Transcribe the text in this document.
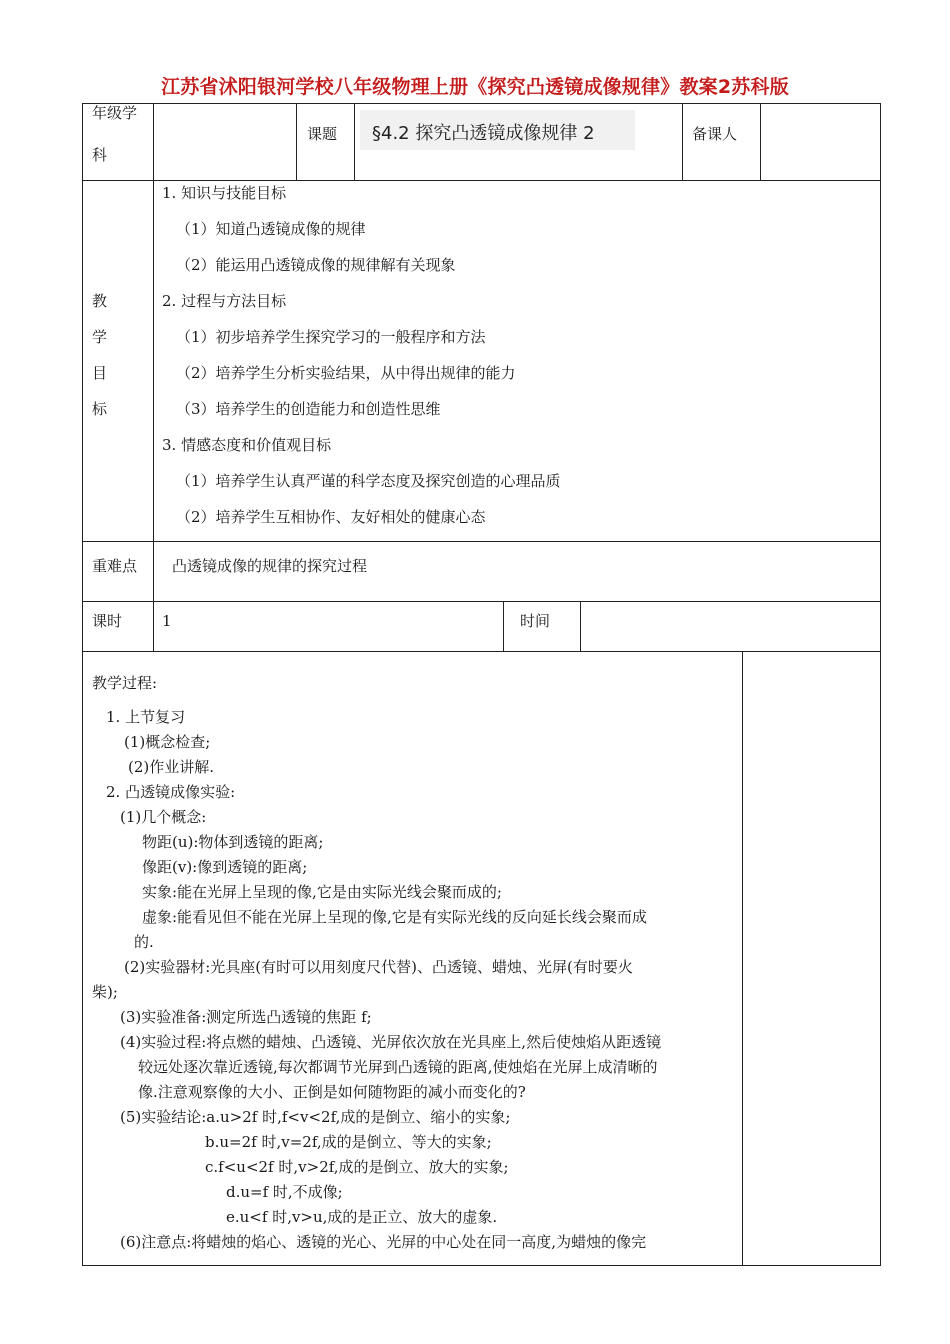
江苏省沭阳银河学校八年级物理上册《探究凸透镜成像规律》教案2苏科版
年级学
科
课题 §4.2 探究凸透镜成像规律 2	备课人
教
学
目
标
1. 知识与技能目标
（1）知道凸透镜成像的规律
（2）能运用凸透镜成像的规律解有关现象
2. 过程与方法目标
（1）初步培养学生探究学习的一般程序和方法
（2）培养学生分析实验结果，从中得出规律的能力
（3）培养学生的创造能力和创造性思维
3. 情感态度和价值观目标
（1）培养学生认真严谨的科学态度及探究创造的心理品质
（2）培养学生互相协作、友好相处的健康心态
重难点 凸透镜成像的规律的探究过程
课时	1	时间
教学过程:
1. 上节复习
(1)概念检查;
(2)作业讲解.
2. 凸透镜成像实验:
(1)几个概念:
物距(u):物体到透镜的距离;
像距(v):像到透镜的距离;
实象:能在光屏上呈现的像,它是由实际光线会聚而成的;
虚象:能看见但不能在光屏上呈现的像,它是有实际光线的反向延长线会聚而成
的.
(2)实验器材:光具座(有时可以用刻度尺代替)、凸透镜、蜡烛、光屏(有时要火
柴);
(3)实验准备:测定所选凸透镜的焦距 f;
(4)实验过程:将点燃的蜡烛、凸透镜、光屏依次放在光具座上,然后使烛焰从距透镜
较远处逐次靠近透镜,每次都调节光屏到凸透镜的距离,使烛焰在光屏上成清晰的
像.注意观察像的大小、正倒是如何随物距的减小而变化的?
(5)实验结论:a.u>2f 时,f<v<2f,成的是倒立、缩小的实象;
b.u=2f 时,v=2f,成的是倒立、等大的实象;
c.f<u<2f 时,v>2f,成的是倒立、放大的实象;
d.u=f 时,不成像;
e.u<f 时,v>u,成的是正立、放大的虚象.
(6)注意点:将蜡烛的焰心、透镜的光心、光屏的中心处在同一高度,为蜡烛的像完
